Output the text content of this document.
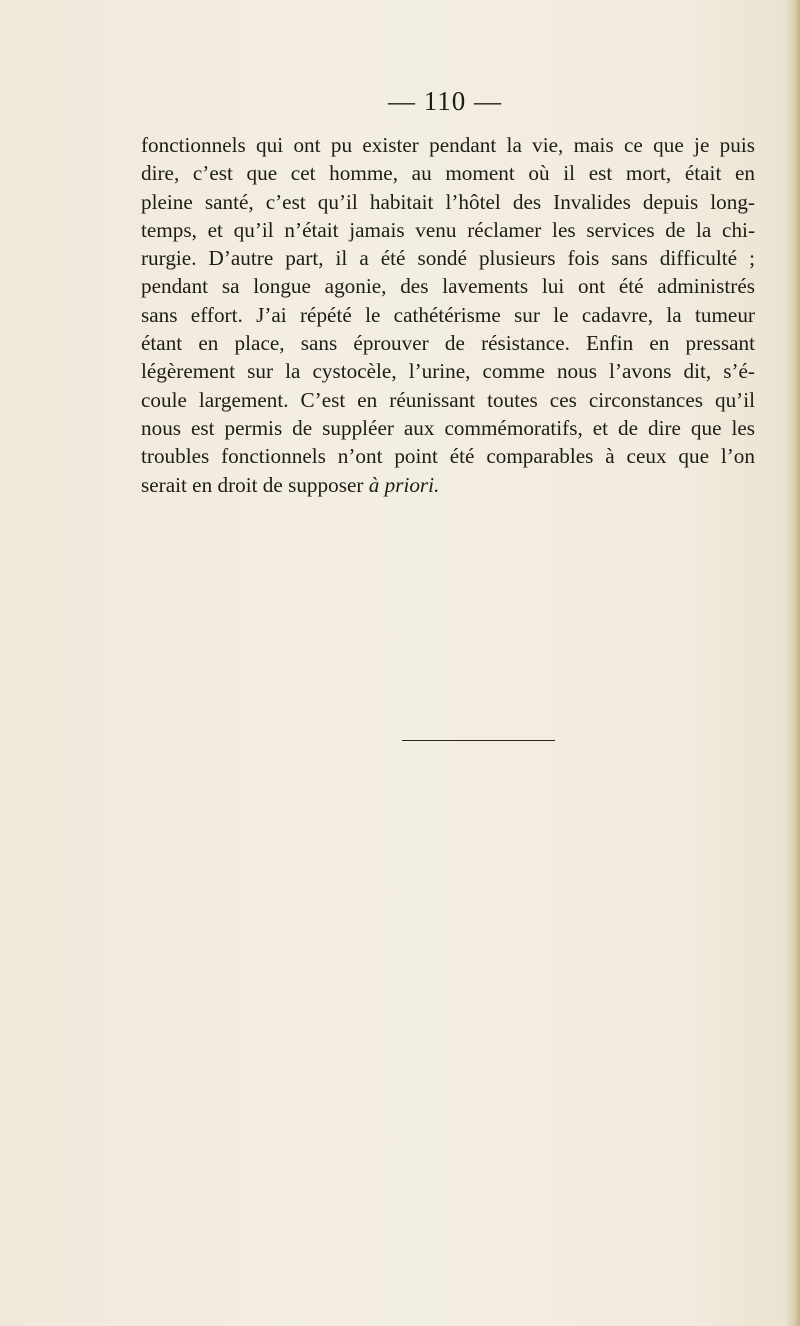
— 110 —
fonctionnels qui ont pu exister pendant la vie, mais ce que je puis
dire, c’est que cet homme, au moment où il est mort, était en
pleine santé, c’est qu’il habitait l’hôtel des Invalides depuis long-
temps, et qu’il n’était jamais venu réclamer les services de la chi-
rurgie. D’autre part, il a été sondé plusieurs fois sans difficulté ;
pendant sa longue agonie, des lavements lui ont été administrés
sans effort. J’ai répété le cathétérisme sur le cadavre, la tumeur
étant en place, sans éprouver de résistance. Enfin en pressant
légèrement sur la cystocèle, l’urine, comme nous l’avons dit, s’é-
coule largement. C’est en réunissant toutes ces circonstances qu’il
nous est permis de suppléer aux commémoratifs, et de dire que les
troubles fonctionnels n’ont point été comparables à ceux que l’on
serait en droit de supposer à priori.
